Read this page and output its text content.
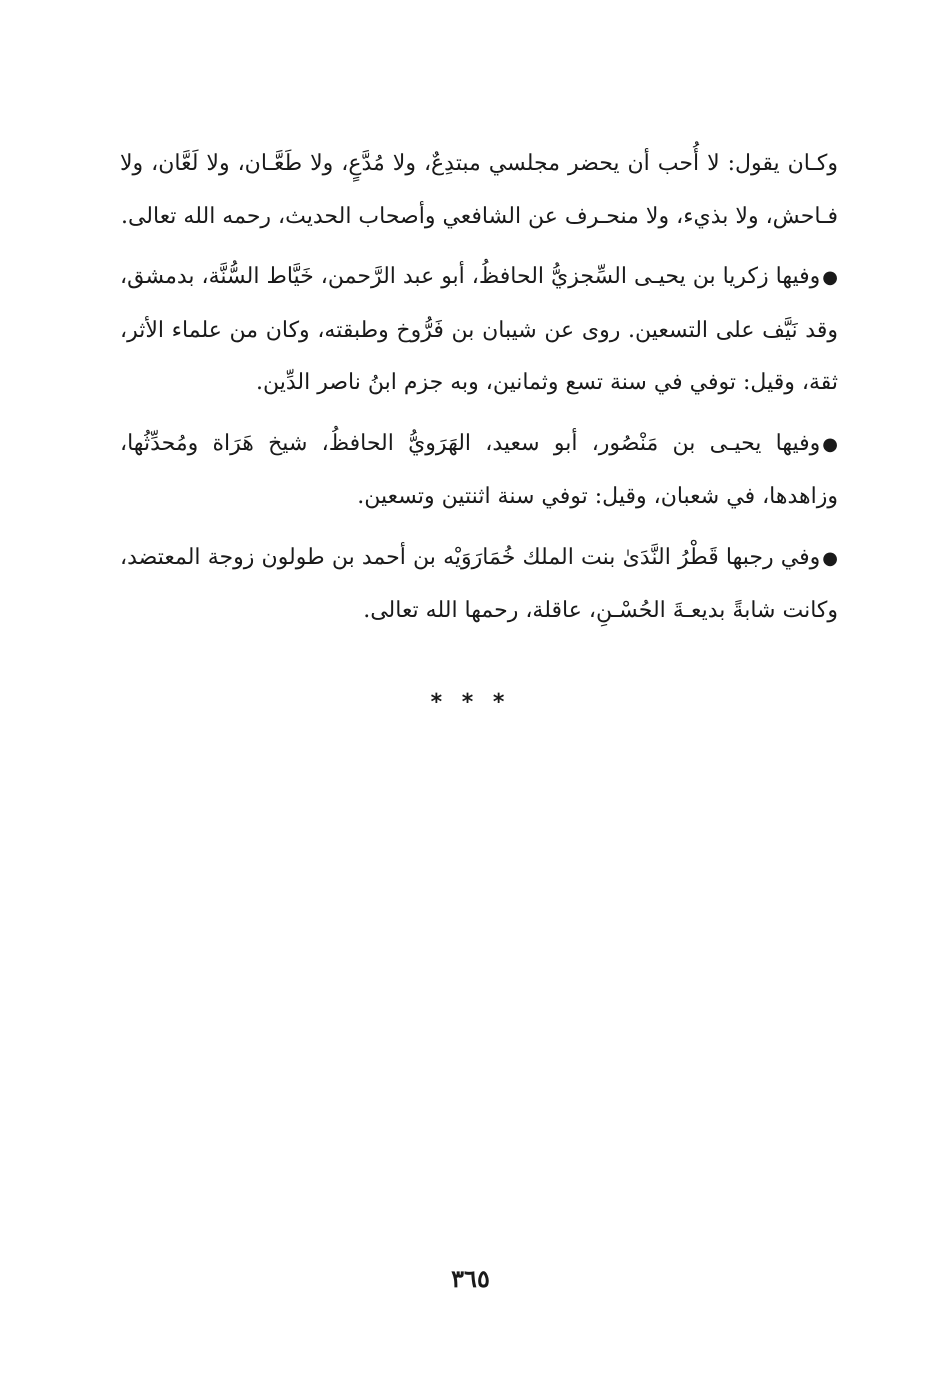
وكـان يقول: لا أُحب أن يحضر مجلسي مبتدِعٌ، ولا مُدَّعٍ، ولا طَعَّـان، ولا لَعَّان، ولا فـاحش، ولا بذيء، ولا منحـرف عن الشافعي وأصحاب الحديث، رحمه الله تعالى.

●وفيها زكريا بن يحيـى السِّجزيُّ الحافظُ، أبو عبد الرَّحمن، خَيَّاط السُّنَّة، بدمشق، وقد نَيَّف على التسعين. روى عن شيبان بن فَرُّوخ وطبقته، وكان من علماء الأثر، ثقة، وقيل: توفي في سنة تسع وثمانين، وبه جزم ابنُ ناصر الدِّين.

●وفيها يحيـى بن مَنْصُور، أبو سعيد، الهَرَويُّ الحافظُ، شيخ هَرَاة ومُحدِّثُها، وزاهدها، في شعبان، وقيل: توفي سنة اثنتين وتسعين.

●وفي رجبها قَطْرُ النَّدَىٰ بنت الملك خُمَارَوَيْه بن أحمد بن طولون زوجة المعتضد، وكانت شابةً بديعـةَ الحُسْـنِ، عاقلة، رحمها الله تعالى.

* * *
٣٦٥
